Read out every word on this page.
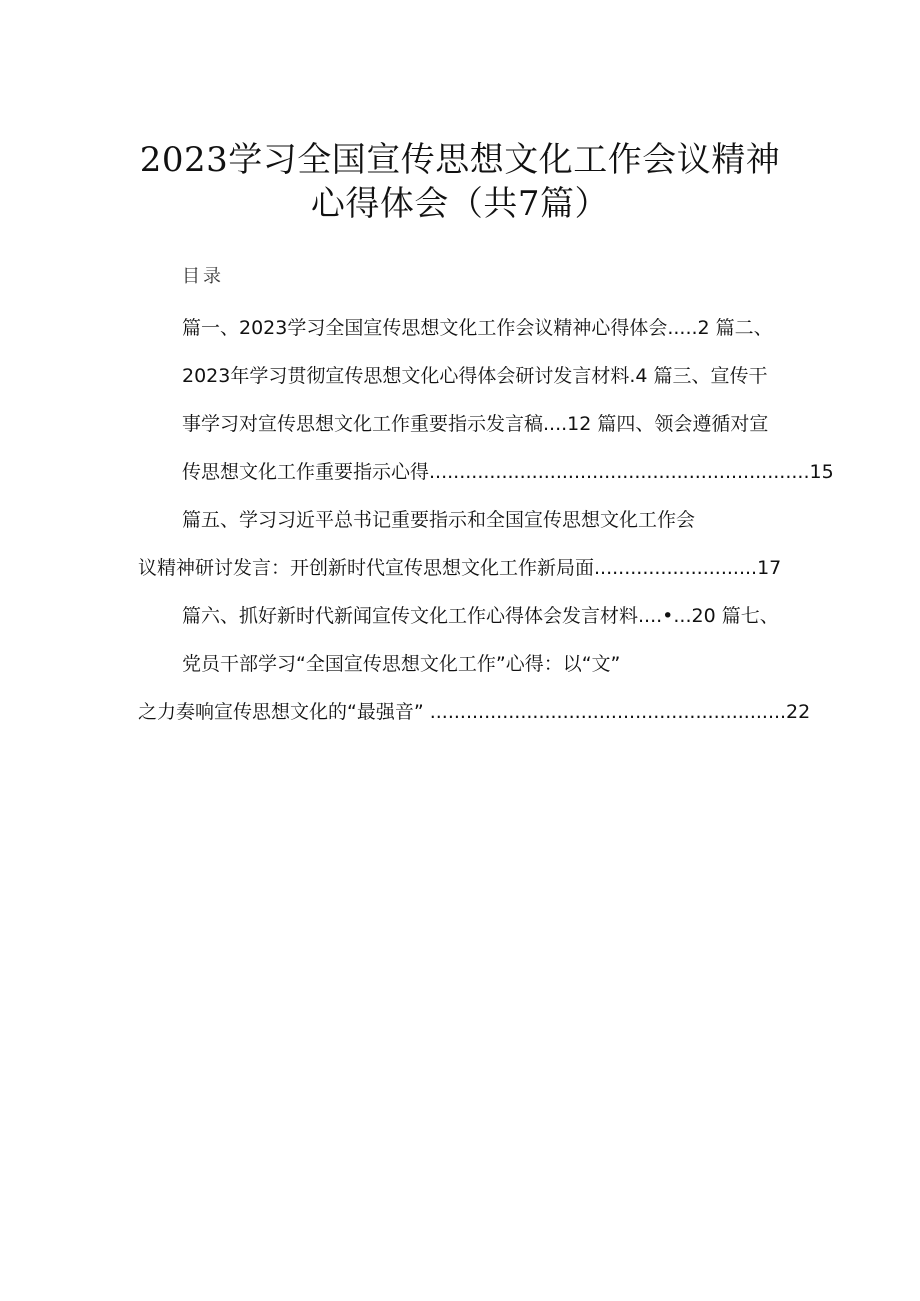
2023学习全国宣传思想文化工作会议精神
心得体会（共7篇）
目录
篇一、2023学习全国宣传思想文化工作会议精神心得体会.....2 篇二、
2023年学习贯彻宣传思想文化心得体会研讨发言材料.4 篇三、宣传干
事学习对宣传思想文化工作重要指示发言稿....12 篇四、领会遵循对宣
传思想文化工作重要指示心得...............................................................15
篇五、学习习近平总书记重要指示和全国宣传思想文化工作会
议精神研讨发言：开创新时代宣传思想文化工作新局面...........................17
篇六、抓好新时代新闻宣传文化工作心得体会发言材料....•...20 篇七、
党员干部学习“全国宣传思想文化工作”心得：以“文”
之力奏响宣传思想文化的“最强音” ...........................................................22
